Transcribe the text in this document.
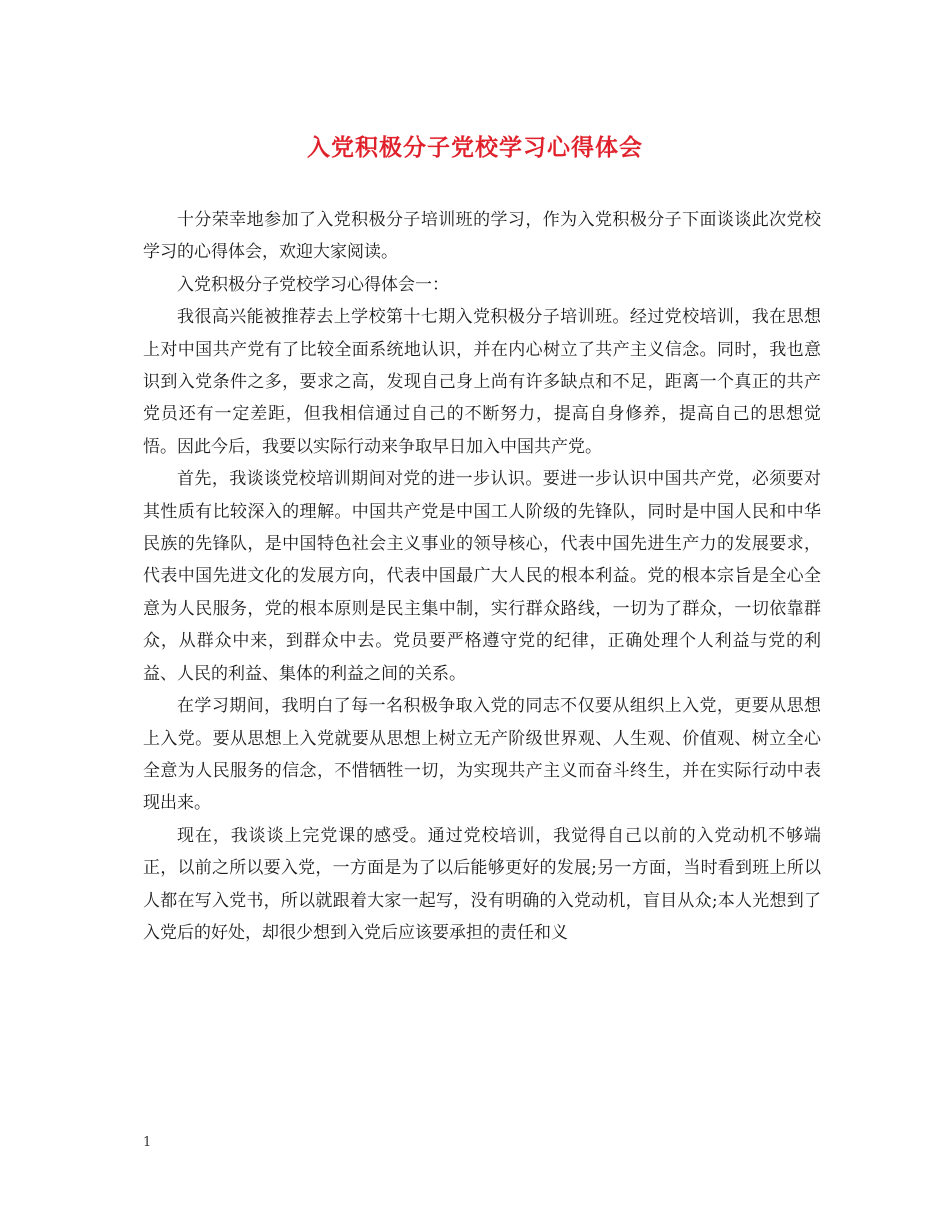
入党积极分子党校学习心得体会

十分荣幸地参加了入党积极分子培训班的学习，作为入党积极分子下面谈谈此次党校学习的心得体会，欢迎大家阅读。

入党积极分子党校学习心得体会一：

我很高兴能被推荐去上学校第十七期入党积极分子培训班。经过党校培训，我在思想上对中国共产党有了比较全面系统地认识，并在内心树立了共产主义信念。同时，我也意识到入党条件之多，要求之高，发现自己身上尚有许多缺点和不足，距离一个真正的共产党员还有一定差距，但我相信通过自己的不断努力，提高自身修养，提高自己的思想觉悟。因此今后，我要以实际行动来争取早日加入中国共产党。

首先，我谈谈党校培训期间对党的进一步认识。要进一步认识中国共产党，必须要对其性质有比较深入的理解。中国共产党是中国工人阶级的先锋队，同时是中国人民和中华民族的先锋队，是中国特色社会主义事业的领导核心，代表中国先进生产力的发展要求，代表中国先进文化的发展方向，代表中国最广大人民的根本利益。党的根本宗旨是全心全意为人民服务，党的根本原则是民主集中制，实行群众路线，一切为了群众，一切依靠群众，从群众中来，到群众中去。党员要严格遵守党的纪律，正确处理个人利益与党的利益、人民的利益、集体的利益之间的关系。

在学习期间，我明白了每一名积极争取入党的同志不仅要从组织上入党，更要从思想上入党。要从思想上入党就要从思想上树立无产阶级世界观、人生观、价值观、树立全心全意为人民服务的信念，不惜牺牲一切，为实现共产主义而奋斗终生，并在实际行动中表现出来。

现在，我谈谈上完党课的感受。通过党校培训，我觉得自己以前的入党动机不够端正，以前之所以要入党，一方面是为了以后能够更好的发展;另一方面，当时看到班上所以人都在写入党书，所以就跟着大家一起写，没有明确的入党动机，盲目从众;本人光想到了入党后的好处，却很少想到入党后应该要承担的责任和义

1
